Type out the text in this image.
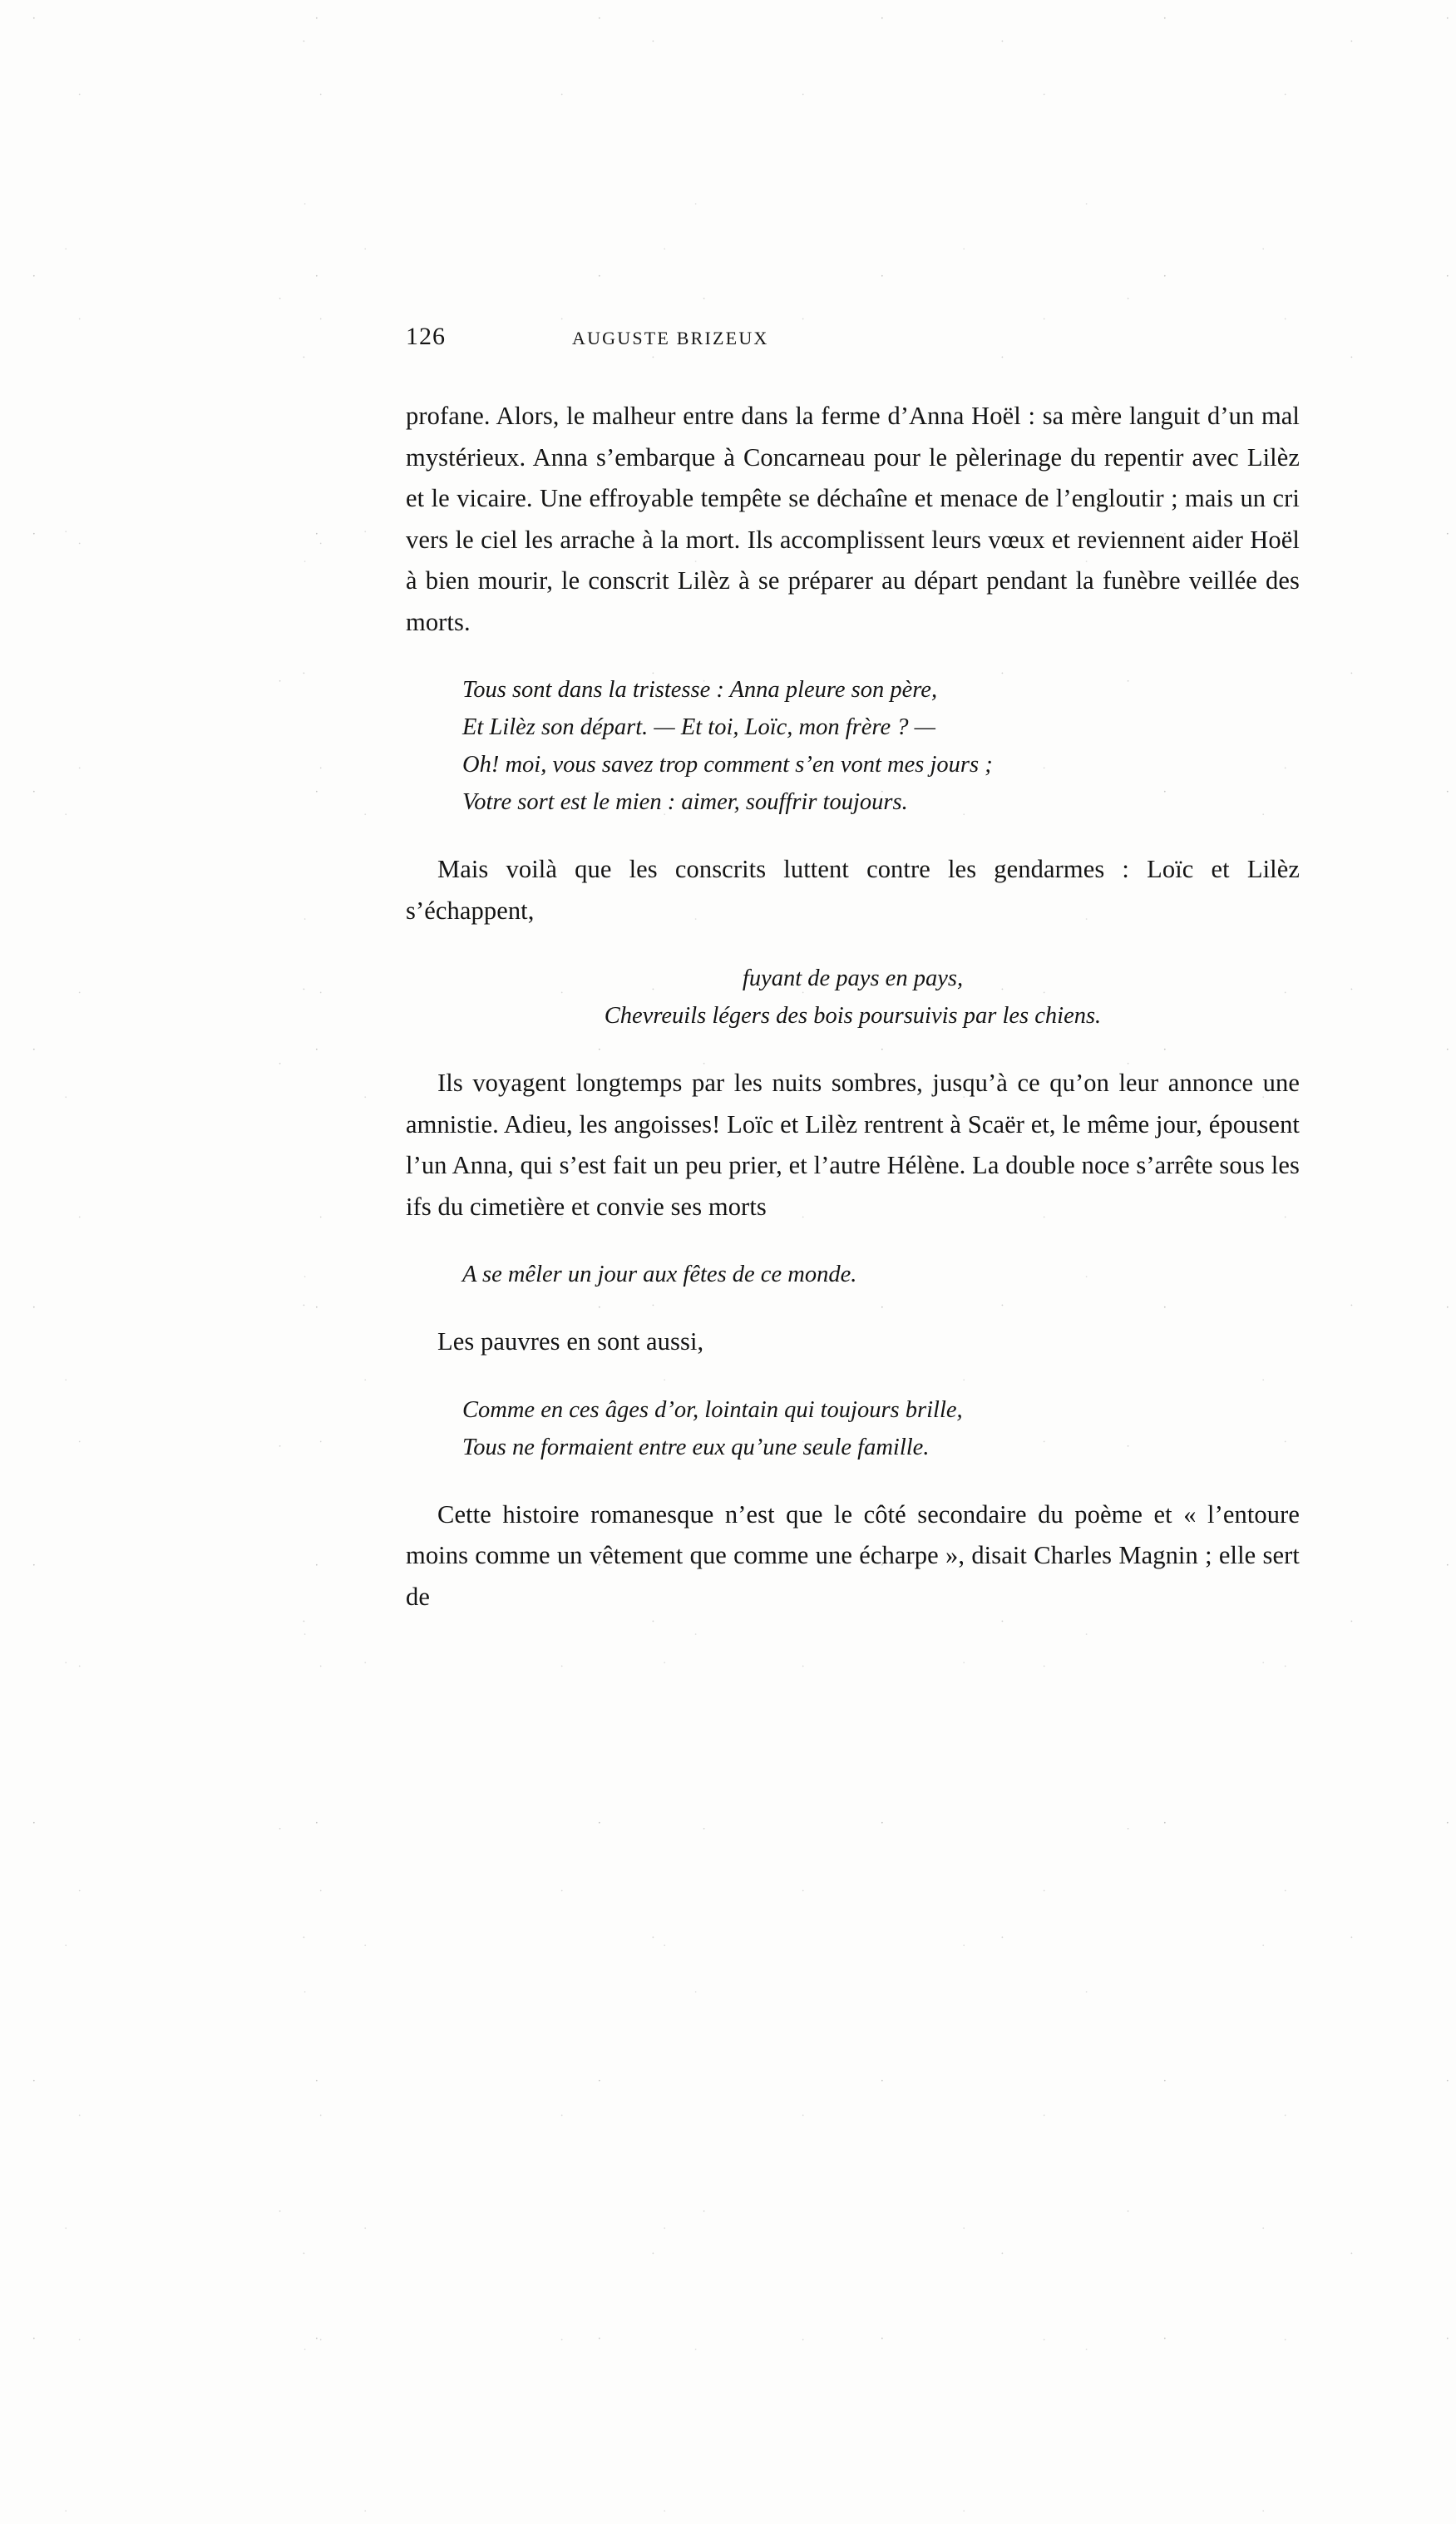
126	AUGUSTE BRIZEUX

profane. Alors, le malheur entre dans la ferme d’Anna Hoël : sa mère languit d’un mal mystérieux. Anna s’embarque à Concarneau pour le pèlerinage du repentir avec Lilèz et le vicaire. Une effroyable tempête se déchaîne et menace de l’engloutir ; mais un cri vers le ciel les arrache à la mort. Ils accomplissent leurs vœux et reviennent aider Hoël à bien mourir, le conscrit Lilèz à se préparer au départ pendant la funèbre veillée des morts.

Tous sont dans la tristesse : Anna pleure son père,
Et Lilèz son départ. — Et toi, Loïc, mon frère ? —
Oh! moi, vous savez trop comment s’en vont mes jours ;
Votre sort est le mien : aimer, souffrir toujours.

Mais voilà que les conscrits luttent contre les gendarmes : Loïc et Lilèz s’échappent,

fuyant de pays en pays,
Chevreuils légers des bois poursuivis par les chiens.

Ils voyagent longtemps par les nuits sombres, jusqu’à ce qu’on leur annonce une amnistie. Adieu, les angoisses! Loïc et Lilèz rentrent à Scaër et, le même jour, épousent l’un Anna, qui s’est fait un peu prier, et l’autre Hélène. La double noce s’arrête sous les ifs du cimetière et convie ses morts

A se mêler un jour aux fêtes de ce monde.

Les pauvres en sont aussi,

Comme en ces âges d’or, lointain qui toujours brille,
Tous ne formaient entre eux qu’une seule famille.

Cette histoire romanesque n’est que le côté secondaire du poème et « l’entoure moins comme un vêtement que comme une écharpe », disait Charles Magnin ; elle sert de
